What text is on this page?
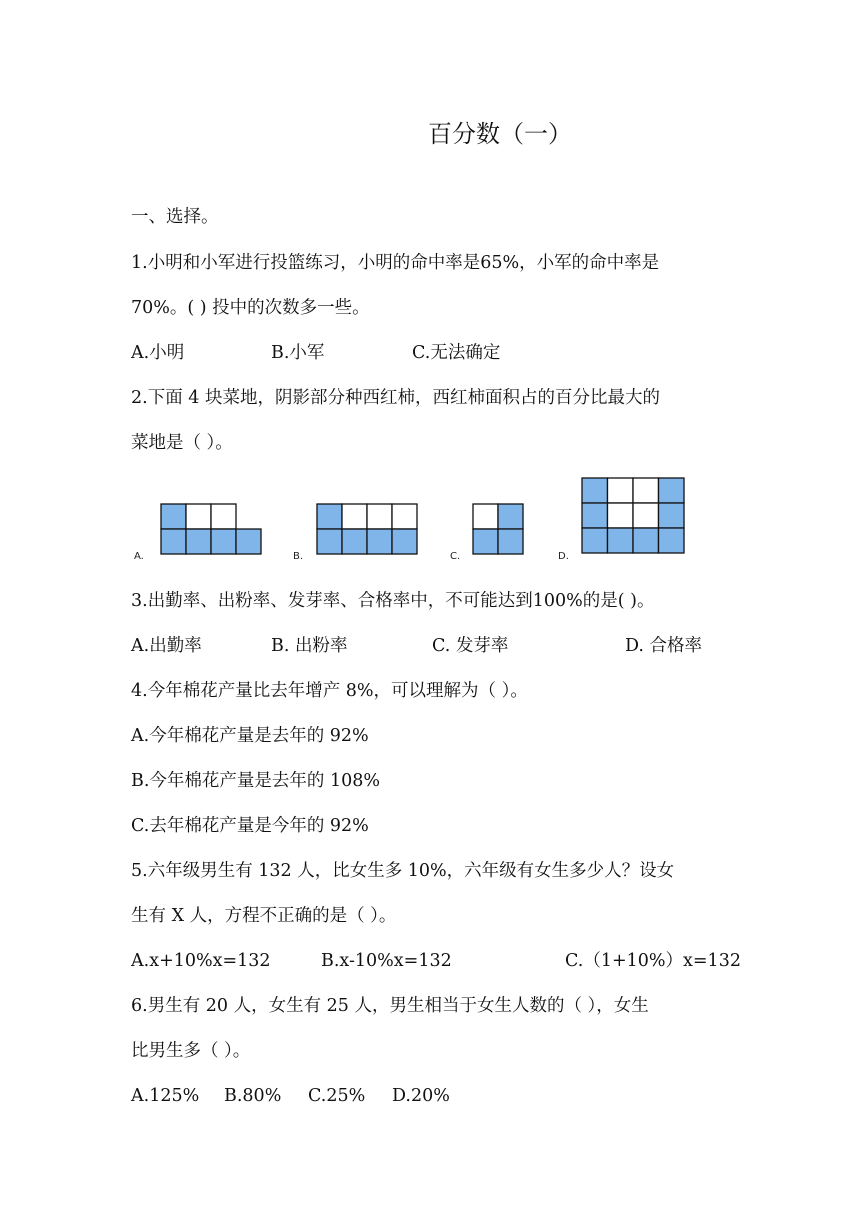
百分数（一）
一、选择。
1.小明和小军进行投篮练习，小明的命中率是65%，小军的命中率是
70%。( ) 投中的次数多一些。
A.小明	B.小军	C.无法确定
2.下面 4 块菜地，阴影部分种西红柿，西红柿面积占的百分比最大的
菜地是（ ）。
A.	B.	C.	D.
3.出勤率、出粉率、发芽率、合格率中，不可能达到100%的是( )。
A.出勤率	B. 出粉率	C. 发芽率	D. 合格率
4.今年棉花产量比去年增产 8%，可以理解为（ ）。
A.今年棉花产量是去年的 92%
B.今年棉花产量是去年的 108%
C.去年棉花产量是今年的 92%
5.六年级男生有 132 人，比女生多 10%，六年级有女生多少人？设女
生有 X 人，方程不正确的是（ ）。
A.x+10%x=132	B.x-10%x=132	C.（1+10%）x=132
6.男生有 20 人，女生有 25 人，男生相当于女生人数的（ ），女生
比男生多（ ）。
A.125% B.80% C.25% D.20%
